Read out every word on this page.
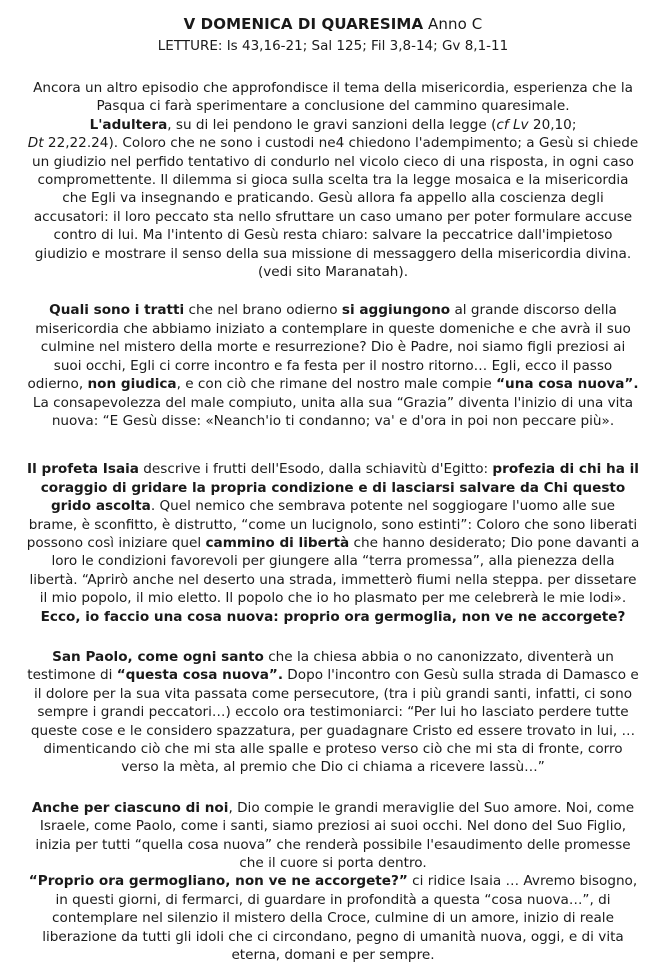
V DOMENICA DI QUARESIMA Anno C
LETTURE: Is 43,16-21; Sal 125; Fil 3,8-14; Gv 8,1-11
Ancora un altro episodio che approfondisce il tema della misericordia, esperienza che la Pasqua ci farà sperimentare a conclusione del cammino quaresimale.
L'adultera, su di lei pendono le gravi sanzioni della legge (cf Lv 20,10;
Dt 22,22.24). Coloro che ne sono i custodi ne4 chiedono l'adempimento; a Gesù si chiede un giudizio nel perfido tentativo di condurlo nel vicolo cieco di una risposta, in ogni caso compromettente. Il dilemma si gioca sulla scelta tra la legge mosaica e la misericordia che Egli va insegnando e praticando. Gesù allora fa appello alla coscienza degli accusatori: il loro peccato sta nello sfruttare un caso umano per poter formulare accuse contro di lui. Ma l'intento di Gesù resta chiaro: salvare la peccatrice dall'impietoso giudizio e mostrare il senso della sua missione di messaggero della misericordia divina. (vedi sito Maranatah).
Quali sono i tratti che nel brano odierno si aggiungono al grande discorso della misericordia che abbiamo iniziato a contemplare in queste domeniche e che avrà il suo culmine nel mistero della morte e resurrezione? Dio è Padre, noi siamo figli preziosi ai suoi occhi, Egli ci corre incontro e fa festa per il nostro ritorno… Egli, ecco il passo odierno, non giudica, e con ciò che rimane del nostro male compie “una cosa nuova”. La consapevolezza del male compiuto, unita alla sua “Grazia” diventa l'inizio di una vita nuova: “E Gesù disse: «Neanch'io ti condanno; va' e d'ora in poi non peccare più».
Il profeta Isaia descrive i frutti dell'Esodo, dalla schiavitù d'Egitto: profezia di chi ha il coraggio di gridare la propria condizione e di lasciarsi salvare da Chi questo grido ascolta. Quel nemico che sembrava potente nel soggiogare l'uomo alle sue brame, è sconfitto, è distrutto, “come un lucignolo, sono estinti”: Coloro che sono liberati possono così iniziare quel cammino di libertà che hanno desiderato; Dio pone davanti a loro le condizioni favorevoli per giungere alla “terra promessa”, alla pienezza della libertà. “Aprirò anche nel deserto una strada, immetterò fiumi nella steppa. per dissetare il mio popolo, il mio eletto. Il popolo che io ho plasmato per me celebrerà le mie lodi». Ecco, io faccio una cosa nuova: proprio ora germoglia, non ve ne accorgete?
San Paolo, come ogni santo che la chiesa abbia o no canonizzato, diventerà un testimone di “questa cosa nuova”. Dopo l'incontro con Gesù sulla strada di Damasco e il dolore per la sua vita passata come persecutore, (tra i più grandi santi, infatti, ci sono sempre i grandi peccatori…) eccolo ora testimoniarci: “Per lui ho lasciato perdere tutte queste cose e le considero spazzatura, per guadagnare Cristo ed essere trovato in lui, … dimenticando ciò che mi sta alle spalle e proteso verso ciò che mi sta di fronte, corro verso la mèta, al premio che Dio ci chiama a ricevere lassù…”
Anche per ciascuno di noi, Dio compie le grandi meraviglie del Suo amore. Noi, come Israele, come Paolo, come i santi, siamo preziosi ai suoi occhi. Nel dono del Suo Figlio, inizia per tutti “quella cosa nuova” che renderà possibile l'esaudimento delle promesse che il cuore si porta dentro.
“Proprio ora germogliano, non ve ne accorgete?” ci ridice Isaia … Avremo bisogno, in questi giorni, di fermarci, di guardare in profondità a questa “cosa nuova…”, di contemplare nel silenzio il mistero della Croce, culmine di un amore, inizio di reale liberazione da tutti gli idoli che ci circondano, pegno di umanità nuova, oggi, e di vita eterna, domani e per sempre.
